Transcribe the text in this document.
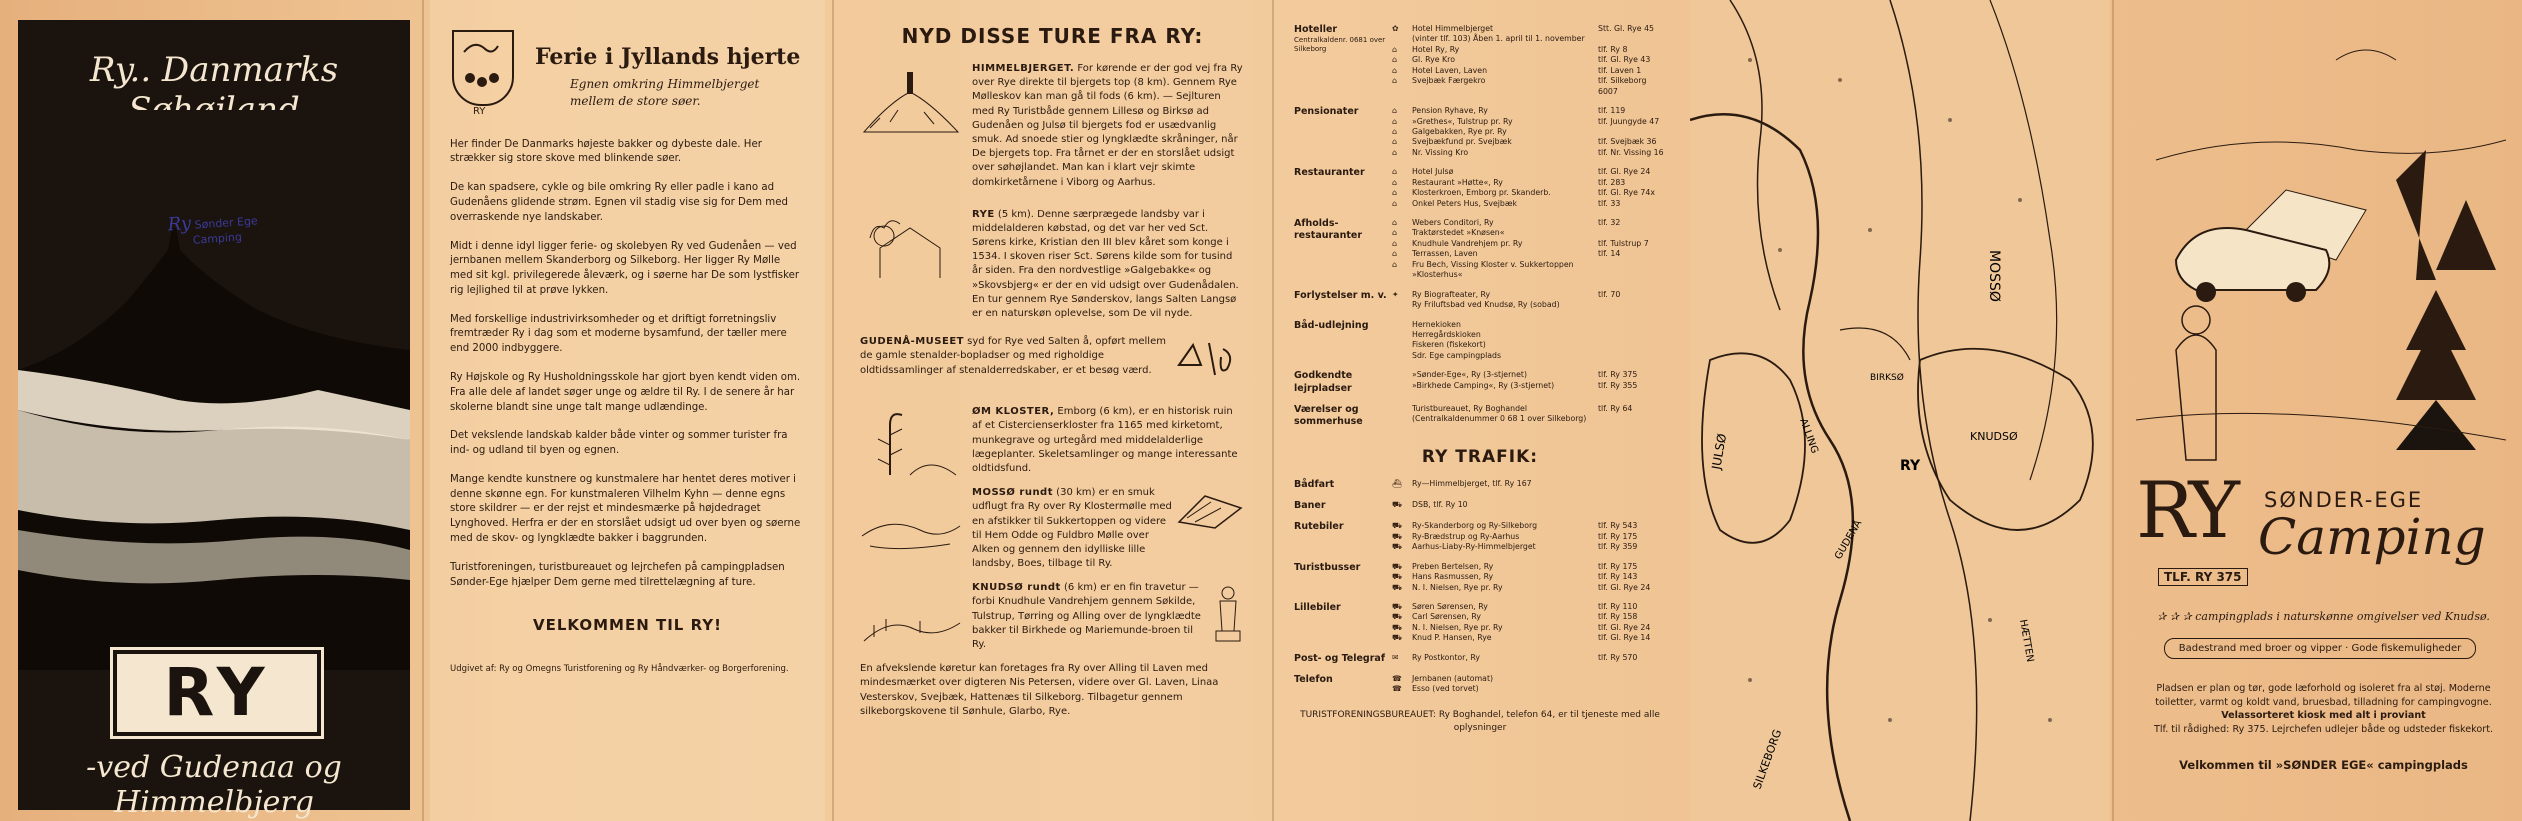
Ry.. Danmarks
Ry Sønder Ege
Camping
RY
-ved Gudenaa og Himmelbjerg
RY
Ferie i Jyllands hjerte
Egnen omkring Himmelbjerget mellem de store søer.

Her finder De Danmarks højeste bakker og dybeste dale. Her strækker sig store skove med blinkende søer.

De kan spadsere, cykle og bile omkring Ry eller padle i kano ad Gudenåens glidende strøm. Egnen vil stadig vise sig for Dem med overraskende nye landskaber.

Midt i denne idyl ligger ferie- og skolebyen Ry ved Gudenåen — ved jernbanen mellem Skanderborg og Silkeborg. Her ligger Ry Mølle med sit kgl. privilegerede åleværk, og i søerne har De som lystfisker rig lejlighed til at prøve lykken.

Med forskellige industrivirksomheder og et driftigt forretningsliv fremtræder Ry i dag som et moderne bysamfund, der tæller mere end 2000 indbyggere.

Ry Højskole og Ry Husholdningsskole har gjort byen kendt viden om. Fra alle dele af landet søger unge og ældre til Ry. I de senere år har skolerne blandt sine unge talt mange udlændinge.

Det vekslende landskab kalder både vinter og sommer turister fra ind- og udland til byen og egnen.

Mange kendte kunstnere og kunstmalere har hentet deres motiver i denne skønne egn. For kunstmaleren Vilhelm Kyhn — denne egns store skildrer — er der rejst et mindesmærke på højdedraget Lynghoved. Herfra er der en storslået udsigt ud over byen og søerne med de skov- og lyngklædte bakker i baggrunden.

Turistforeningen, turistbureauet og lejrchefen på campingpladsen Sønder-Ege hjælper Dem gerne med tilrettelægning af ture.

VELKOMMEN TIL RY!
Udgivet af: Ry og Omegns Turistforening og Ry Håndværker- og Borgerforening.
NYD DISSE TURE FRA RY:

HIMMELBJERGET. For kørende er der god vej fra Ry over Rye direkte til bjergets top (8 km). Gennem Rye Mølleskov kan man gå til fods (6 km). — Sejlturen med Ry Turistbåde gennem Lillesø og Birksø ad Gudenåen og Julsø til bjergets fod er usædvanlig smuk. Ad snoede stier og lyngklædte skråninger, når De bjergets top. Fra tårnet er der en storslået udsigt over søhøjlandet. Man kan i klart vejr skimte domkirketårnene i Viborg og Aarhus.

RYE (5 km). Denne særprægede landsby var i middelalderen købstad, og det var her ved Sct. Sørens kirke, Kristian den III blev kåret som konge i 1534. I skoven riser Sct. Sørens kilde som for tusind år siden. Fra den nordvestlige »Galgebakke« og »Skovsbjerg« er der en vid udsigt over Gudenådalen. En tur gennem Rye Sønderskov, langs Salten Langsø er en naturskøn oplevelse, som De vil nyde.

GUDENÅ-MUSEET syd for Rye ved Salten å, opført mellem de gamle stenalder-bopladser og med righoldige oldtidssamlinger af stenalderredskaber, er et besøg værd.

ØM KLOSTER, Emborg (6 km), er en historisk ruin af et Cistercienserkloster fra 1165 med kirketomt, munkegrave og urtegård med middelalderlige lægeplanter. Skeletsamlinger og mange interessante oldtidsfund.

MOSSØ rundt (30 km) er en smuk udflugt fra Ry over Ry Klostermølle med en afstikker til Sukkertoppen og videre til Hem Odde og Fuldbro Mølle over Alken og gennem den idylliske lille landsby, Boes, tilbage til Ry.

KNUDSØ rundt (6 km) er en fin travetur — forbi Knudhule Vandrehjem gennem Søkilde, Tulstrup, Tørring og Alling over de lyngklædte bakker til Birkhede og Mariemunde-broen til Ry.

En afvekslende køretur kan foretages fra Ry over Alling til Laven med mindesmærket over digteren Nis Petersen, videre over Gl. Laven, Linaa Vesterskov, Svejbæk, Hattenæs til Silkeborg. Tilbagetur gennem silkeborgskovene til Sønhule, Glarbo, Rye.
Hoteller
Centralkaldenr. 0681 over Silkeborg
✿	Hotel Himmelbjerget	Stt. Gl. Rye 45
(vinter tlf. 103) Åben 1. april til 1. november
⌂	Hotel Ry, Ry	tlf. Ry 8
⌂	Gl. Rye Kro	tlf. Gl. Rye 43
⌂	Hotel Laven, Laven	tlf. Laven 1
⌂	Svejbæk Færgekro	tlf. Silkeborg 6007
Pensionater	⌂	Pension Ryhave, Ry	tlf. 119
⌂	»Grethes«, Tulstrup pr. Ry	tlf. Juungyde 47
⌂	Galgebakken, Rye pr. Ry
⌂	Svejbækfund pr. Svejbæk	tlf. Svejbæk 36
⌂	Nr. Vissing Kro	tlf. Nr. Vissing 16
Restauranter	⌂	Hotel Julsø	tlf. Gl. Rye 24
⌂	Restaurant »Høtte«, Ry	tlf. 283
⌂	Klosterkroen, Emborg pr. Skanderb.	tlf. Gl. Rye 74x
⌂	Onkel Peters Hus, Svejbæk	tlf. 33
Afholds-restauranter
⌂	Webers Conditori, Ry	tlf. 32
⌂	Traktørstedet »Knøsen«
⌂	Knudhule Vandrehjem pr. Ry	tlf. Tulstrup 7
⌂	Terrassen, Laven	tlf. 14
⌂	Fru Bech, Vissing Kloster v. Sukkertoppen
»Klosterhus«
Forlystelser m. v. ✦	Ry Biografteater, Ry	tlf. 70
Ry Friluftsbad ved Knudsø, Ry (sobad)
Båd-udlejning	Hernekioken
Herregårdskioken
Fiskeren (fiskekort)
Sdr. Ege campingplads
Godkendte lejrpladser
»Sønder-Ege«, Ry (3-stjernet)	tlf. Ry 375
»Birkhede Camping«, Ry (3-stjernet)	tlf. Ry 355
Værelser og sommerhuse
Turistbureauet, Ry Boghandel	tlf. Ry 64
(Centralkaldenummer 0 68 1 over Silkeborg)
RY TRAFIK:
Bådfart	⛴	Ry—Himmelbjerget, tlf. Ry 167
Baner	⛟	DSB, tlf. Ry 10
Rutebiler	⛟	Ry-Skanderborg og Ry-Silkeborg	tlf. Ry 543
⛟	Ry-Brædstrup og Ry-Aarhus	tlf. Ry 175
⛟	Aarhus-Liaby-Ry-Himmelbjerget	tlf. Ry 359
Turistbusser	⛟	Preben Bertelsen, Ry	tlf. Ry 175
⛟	Hans Rasmussen, Ry	tlf. Ry 143
⛟	N. I. Nielsen, Rye pr. Ry	tlf. Gl. Rye 24
Lillebiler	⛟	Søren Sørensen, Ry	tlf. Ry 110
⛟	Carl Sørensen, Ry	tlf. Ry 158
⛟	N. I. Nielsen, Rye pr. Ry	tlf. Gl. Rye 24
⛟	Knud P. Hansen, Rye	tlf. Gl. Rye 14
Post- og Telegraf ✉	Ry Postkontor, Ry	tlf. Ry 570
Telefon	☎	Jernbanen (automat)
☎	Esso (ved torvet)
TURISTFORENINGSBUREAUET: Ry Boghandel, telefon 64, er til tjeneste med alle oplysninger
MOSSØ
JULSØ	ALLING
RY
SILKEBORG
KNUDSØ
HÆTTEN
GUDENÅ
BIRKSØ
RY SØNDER-EGE
Camping
TLF. RY 375
✰ ✰ ✰ campingplads i naturskønne omgivelser ved Knudsø.
Badestrand med broer og vipper · Gode fiskemuligheder
Pladsen er plan og tør, gode læforhold og isoleret fra al støj. Moderne toiletter, varmt og koldt vand, bruesbad, tilladning for campingvogne.
Velassorteret kiosk med alt i proviant
Tlf. til rådighed: Ry 375. Lejrchefen udlejer både og udsteder fiskekort.
Velkommen til »SØNDER EGE« campingplads
